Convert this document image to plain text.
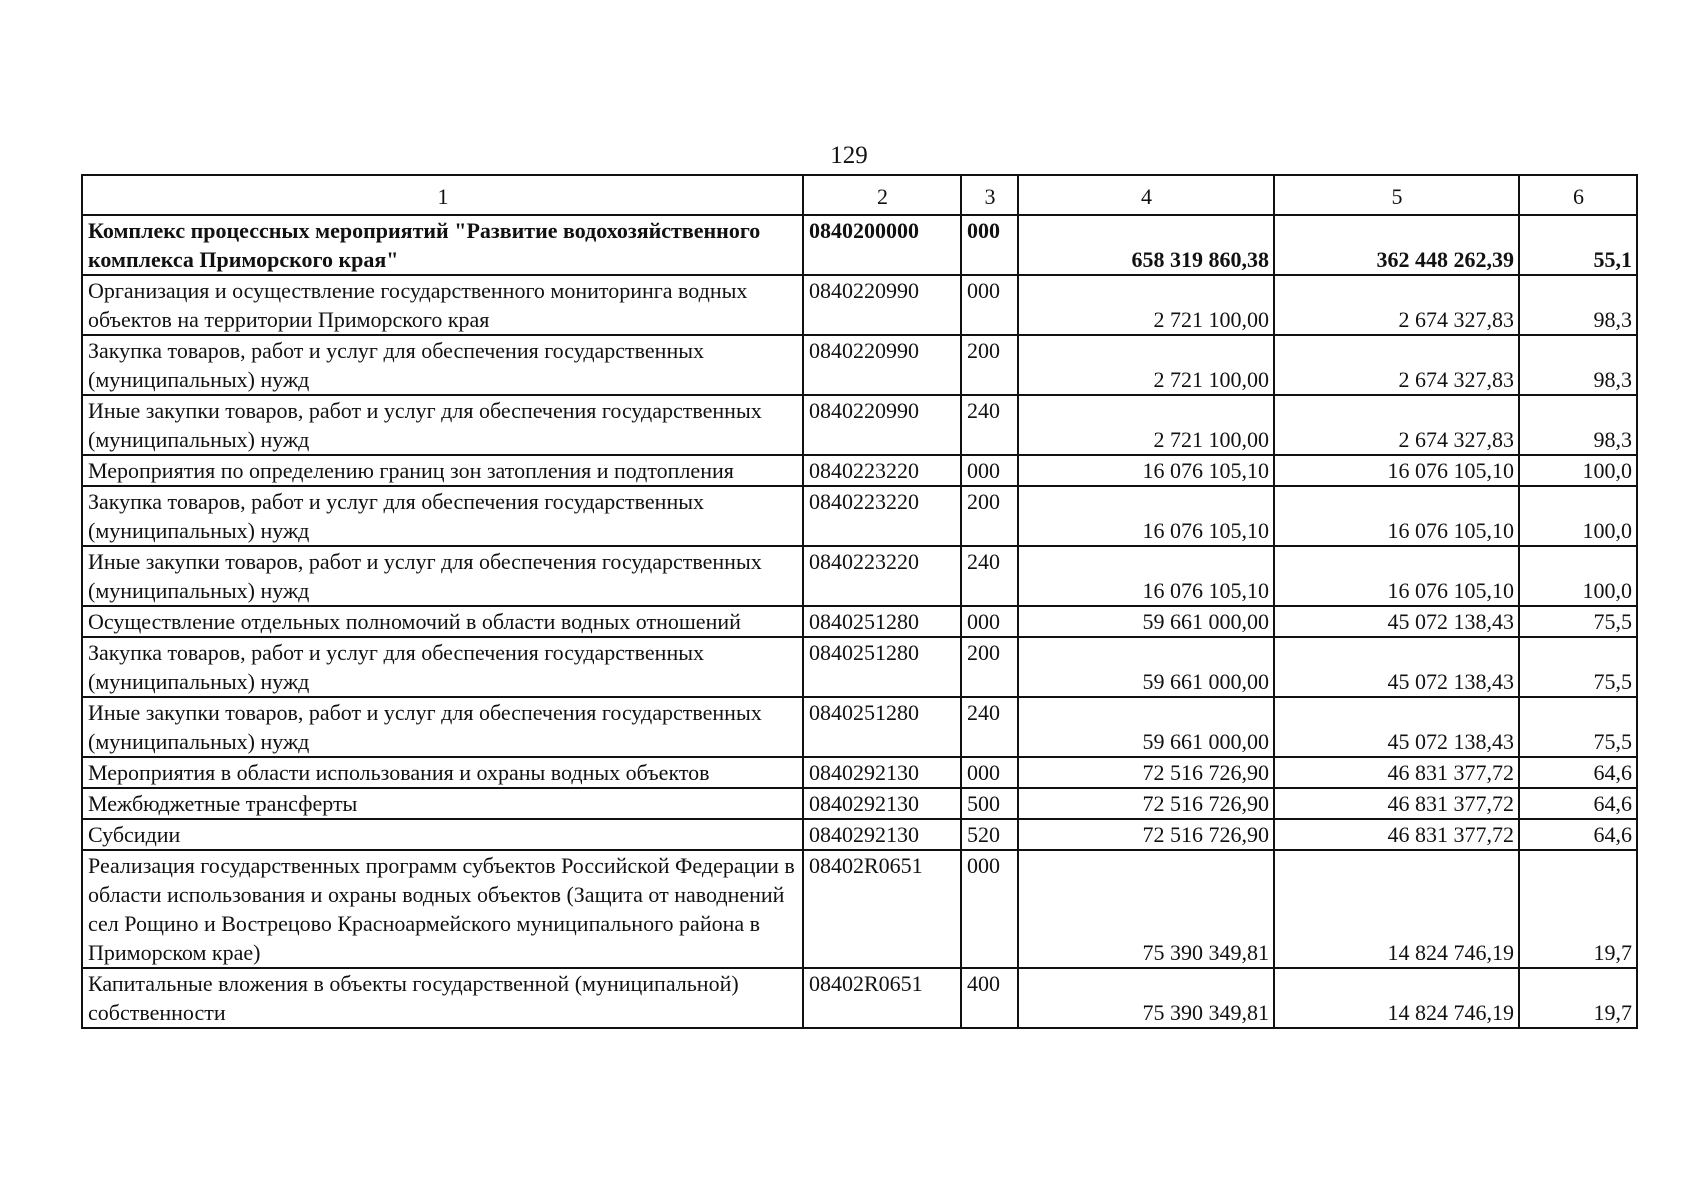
129
1	2	3	4	5	6
Комплекс процессных мероприятий "Развитие водохозяйственного комплекса Приморского края"	0840200000	000	658 319 860,38	362 448 262,39	55,1
Организация и осуществление государственного мониторинга водных объектов на территории Приморского края	0840220990	000	2 721 100,00	2 674 327,83	98,3
Закупка товаров, работ и услуг для обеспечения государственных (муниципальных) нужд	0840220990	200	2 721 100,00	2 674 327,83	98,3
Иные закупки товаров, работ и услуг для обеспечения государственных (муниципальных) нужд	0840220990	240	2 721 100,00	2 674 327,83	98,3
Мероприятия по определению границ зон затопления и подтопления	0840223220	000	16 076 105,10	16 076 105,10	100,0
Закупка товаров, работ и услуг для обеспечения государственных (муниципальных) нужд	0840223220	200	16 076 105,10	16 076 105,10	100,0
Иные закупки товаров, работ и услуг для обеспечения государственных (муниципальных) нужд	0840223220	240	16 076 105,10	16 076 105,10	100,0
Осуществление отдельных полномочий в области водных отношений	0840251280	000	59 661 000,00	45 072 138,43	75,5
Закупка товаров, работ и услуг для обеспечения государственных (муниципальных) нужд	0840251280	200	59 661 000,00	45 072 138,43	75,5
Иные закупки товаров, работ и услуг для обеспечения государственных (муниципальных) нужд	0840251280	240	59 661 000,00	45 072 138,43	75,5
Мероприятия в области использования и охраны водных объектов	0840292130	000	72 516 726,90	46 831 377,72	64,6
Межбюджетные трансферты	0840292130	500	72 516 726,90	46 831 377,72	64,6
Субсидии	0840292130	520	72 516 726,90	46 831 377,72	64,6
Реализация государственных программ субъектов Российской Федерации в области использования и охраны водных объектов (Защита от наводнений сел Рощино и Вострецово Красноармейского муниципального района в Приморском крае)	08402R0651	000	75 390 349,81	14 824 746,19	19,7
Капитальные вложения в объекты государственной (муниципальной) собственности	08402R0651	400	75 390 349,81	14 824 746,19	19,7
